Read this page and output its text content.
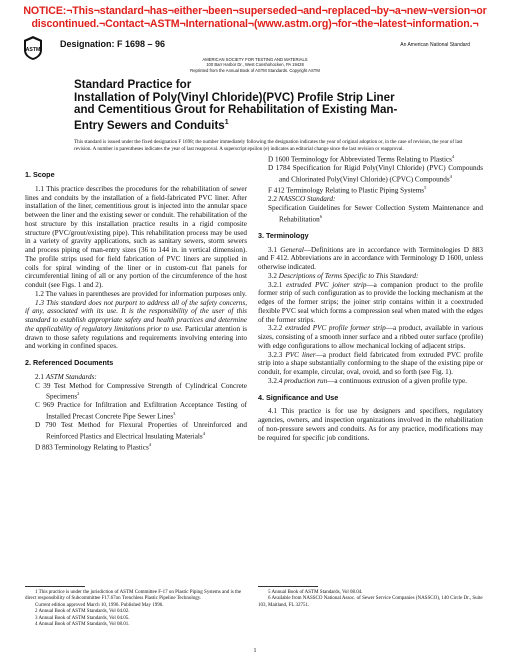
NOTICE:¬This¬standard¬has¬either¬been¬superseded¬and¬replaced¬by¬a¬new¬version¬or
discontinued.¬Contact¬ASTM¬International¬(www.astm.org)¬for¬the¬latest¬information.¬
ASTM
Designation: F 1698 – 96	An American National Standard
AMERICAN SOCIETY FOR TESTING AND MATERIALS
100 Barr Harbor Dr., West Conshohocken, PA 19428
Reprinted from the Annual Book of ASTM Standards. Copyright ASTM
Standard Practice for
Installation of Poly(Vinyl Chloride)(PVC) Profile Strip Liner
and Cementitious Grout for Rehabilitation of Existing Man-
Entry Sewers and Conduits$^1$
This standard is issued under the fixed designation F 1698; the number immediately following the designation indicates the year of original adoption or, in the case of revision, the year of last revision. A number in parentheses indicates the year of last reapproval. A superscript epsilon (e) indicates an editorial change since the last revision or reapproval.
1. Scope

1.1 This practice describes the procedures for the rehabilitation of sewer lines and conduits by the installation of a field-fabricated PVC liner. After installation of the liner, cementitious grout is injected into the annular space between the liner and the existing sewer or conduit. The rehabilitation of the host structure by this installation practice results in a rigid composite structure (PVC/grout/existing pipe). This rehabilitation process may be used in a variety of gravity applications, such as sanitary sewers, storm sewers and process piping of man-entry sizes (36 to 144 in. in vertical dimension). The profile strips used for field fabrication of PVC liners are supplied in coils for spiral winding of the liner or in custom-cut flat panels for circumferential lining of all or any portion of the circumference of the host conduit (see Figs. 1 and 2).

1.2 The values in parentheses are provided for information purposes only.

1.3 This standard does not purport to address all of the safety concerns, if any, associated with its use. It is the responsibility of the user of this standard to establish appropriate safety and health practices and determine the applicability of regulatory limitations prior to use. Particular attention is drawn to those safety regulations and requirements involving entering into and working in confined spaces.

2. Referenced Documents

2.1 ASTM Standards:

C 39 Test Method for Compressive Strength of Cylindrical Concrete Specimens$^2$

C 969 Practice for Infiltration and Exfiltration Acceptance Testing of Installed Precast Concrete Pipe Sewer Lines$^3$

D 790 Test Method for Flexural Properties of Unreinforced and Reinforced Plastics and Electrical Insulating Materials$^4$

D 883 Terminology Relating to Plastics$^4$

D 1600 Terminology for Abbreviated Terms Relating to Plastics$^4$

D 1784 Specification for Rigid Poly(Vinyl Chloride) (PVC) Compounds and Chlorinated Poly(Vinyl Chloride) (CPVC) Compounds$^4$

F 412 Terminology Relating to Plastic Piping Systems$^5$

2.2 NASSCO Standard:

Specification Guidelines for Sewer Collection System Maintenance and Rehabilitation$^6$

3. Terminology

3.1 General—Definitions are in accordance with Terminologies D 883 and F 412. Abbreviations are in accordance with Terminology D 1600, unless otherwise indicated.

3.2 Descriptions of Terms Specific to This Standard:

3.2.1 extruded PVC joiner strip—a companion product to the profile former strip of such configuration as to provide the locking mechanism at the edges of the former strips; the joiner strip contains within it a coextruded flexible PVC seal which forms a compression seal when mated with the edges of the former strips.

3.2.2 extruded PVC profile former strip—a product, available in various sizes, consisting of a smooth inner surface and a ribbed outer surface (profile) with edge configurations to allow mechanical locking of adjacent strips.

3.2.3 PVC liner—a product field fabricated from extruded PVC profile strip into a shape substantially conforming to the shape of the existing pipe or conduit, for example, circular, oval, ovoid, and so forth (see Fig. 1).

3.2.4 production run—a continuous extrusion of a given profile type.

4. Significance and Use

4.1 This practice is for use by designers and specifiers, regulatory agencies, owners, and inspection organizations involved in the rehabilitation of non-pressure sewers and conduits. As for any practice, modifications may be required for specific job conditions.

1 This practice is under the jurisdiction of ASTM Committee F-17 on Plastic Piping Systems and is the direct responsibility of Subcommittee F17.67on Trenchless Plastic Pipeline Technology.
Current edition approved March 10, 1996. Published May 1996.
2 Annual Book of ASTM Standards, Vol 04.02.
3 Annual Book of ASTM Standards, Vol 04.05.
4 Annual Book of ASTM Standards, Vol 08.01.
5 Annual Book of ASTM Standards, Vol 08.04.
6 Available from NASSCO National Assoc. of Sewer Service Companies (NASSCO), 140 Circle Dr., Suite 103, Maitland, FL 32751.
1
